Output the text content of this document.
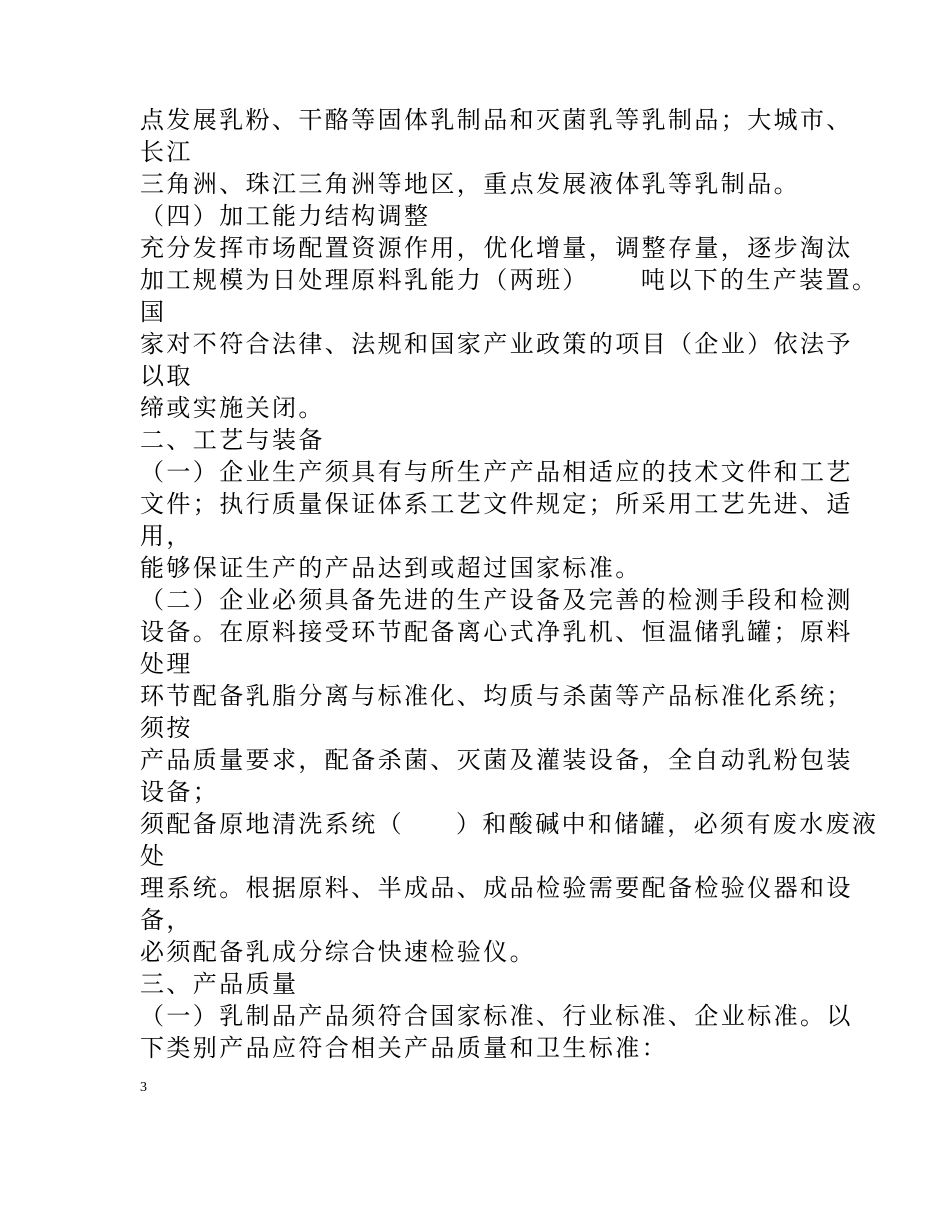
点发展乳粉、干酪等固体乳制品和灭菌乳等乳制品；大城市、
长江
三角洲、珠江三角洲等地区，重点发展液体乳等乳制品。
（四）加工能力结构调整
充分发挥市场配置资源作用，优化增量，调整存量，逐步淘汰
加工规模为日处理原料乳能力（两班） 吨以下的生产装置。
国
家对不符合法律、法规和国家产业政策的项目（企业）依法予
以取
缔或实施关闭。
二、工艺与装备
（一）企业生产须具有与所生产产品相适应的技术文件和工艺
文件；执行质量保证体系工艺文件规定；所采用工艺先进、适
用，
能够保证生产的产品达到或超过国家标准。
（二）企业必须具备先进的生产设备及完善的检测手段和检测
设备。在原料接受环节配备离心式净乳机、恒温储乳罐；原料
处理
环节配备乳脂分离与标准化、均质与杀菌等产品标准化系统；
须按
产品质量要求，配备杀菌、灭菌及灌装设备，全自动乳粉包装
设备；
须配备原地清洗系统（ ）和酸碱中和储罐，必须有废水废液
处
理系统。根据原料、半成品、成品检验需要配备检验仪器和设
备，
必须配备乳成分综合快速检验仪。
三、产品质量
（一）乳制品产品须符合国家标准、行业标准、企业标准。以
下类别产品应符合相关产品质量和卫生标准：
3
